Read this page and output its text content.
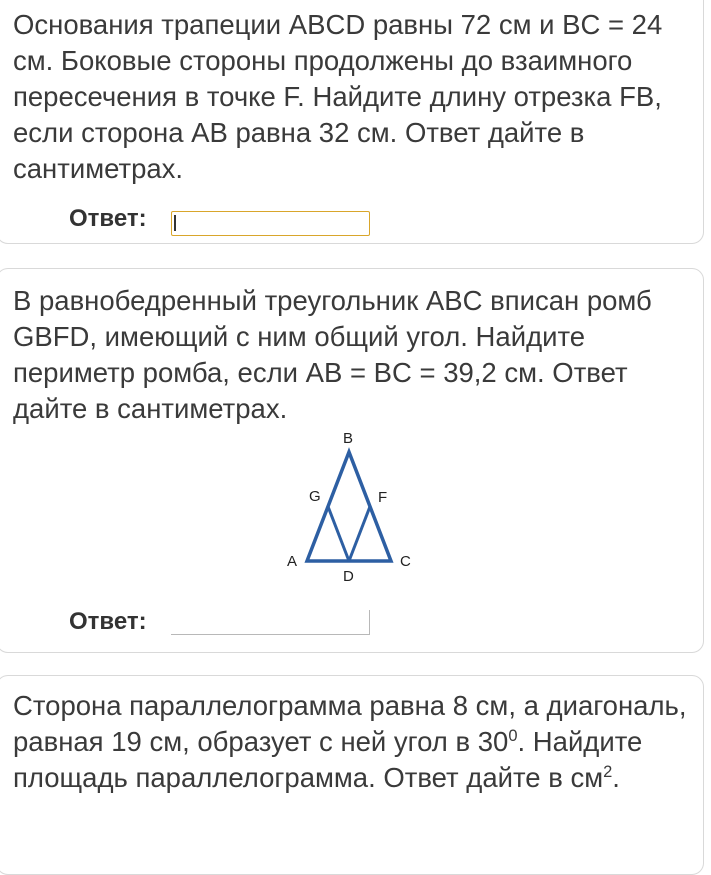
Основания трапеции ABCD равны 72 см и BC = 24 см. Боковые стороны продолжены до взаимного пересечения в точке F. Найдите длину отрезка FB, если сторона AB равна 32 см. Ответ дайте в сантиметрах.

Ответ:

В равнобедренный треугольник ABC вписан ромб GBFD, имеющий с ним общий угол. Найдите периметр ромба, если AB = BC = 39,2 см. Ответ дайте в сантиметрах.

B
G	F
A
D
C
Ответ:

Сторона параллелограмма равна 8 см, а диагональ, равная 19 см, образует с ней угол в $30^0$. Найдите площадь параллелограмма. Ответ дайте в $см^2$.
